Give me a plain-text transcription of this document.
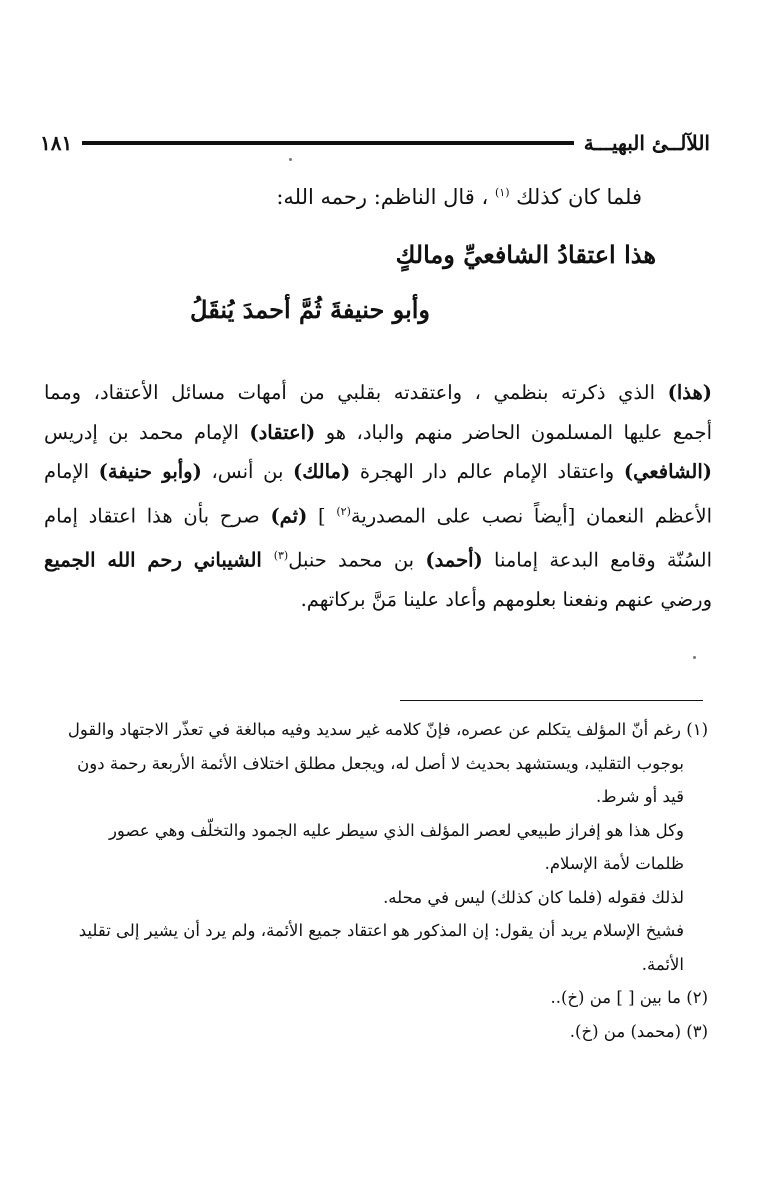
اللآلــئ البهيـــة
١٨١
فلما كان كذلك $^{(١)}$ ، قال الناظم: رحمه الله:
هذا اعتقادُ الشافعيِّ ومالكٍ
وأبو حنيفةَ ثُمَّ أحمدَ يُنقَلُ
(هذا) الذي ذكرته بنظمي ، واعتقدته بقلبي من أمهات مسائل الأعتقاد، ومما
أجمع عليها المسلمون الحاضر منهم والباد، هو (اعتقاد) الإمام محمد بن إدريس
(الشافعي) واعتقاد الإمام عالم دار الهجرة (مالك) بن أنس، (وأبو حنيفة) الإمام
الأعظم النعمان [أيضاً نصب على المصدرية$^{(٢)}$ ] (ثم) صرح بأن هذا اعتقاد إمام
السُنّة وقامع البدعة إمامنا (أحمد) بن محمد حنبل$^{(٣)}$ الشيباني رحم الله الجميع
ورضي عنهم ونفعنا بعلومهم وأعاد علينا مَنَّ بركاتهم.
(١) رغم أنّ المؤلف يتكلم عن عصره، فإنّ كلامه غير سديد وفيه مبالغة في تعذّر الاجتهاد والقول
بوجوب التقليد، ويستشهد بحديث لا أصل له، ويجعل مطلق اختلاف الأئمة الأربعة رحمة دون
قيد أو شرط.
وكل هذا هو إفراز طبيعي لعصر المؤلف الذي سيطر عليه الجمود والتخلّف وهي عصور
ظلمات لأمة الإسلام.
لذلك فقوله (فلما كان كذلك) ليس في محله.
فشيخ الإسلام يريد أن يقول: إن المذكور هو اعتقاد جميع الأئمة، ولم يرد أن يشير إلى تقليد
الأئمة.
(٢) ما بين [ ] من (خ)..
(٣) (محمد) من (خ).
